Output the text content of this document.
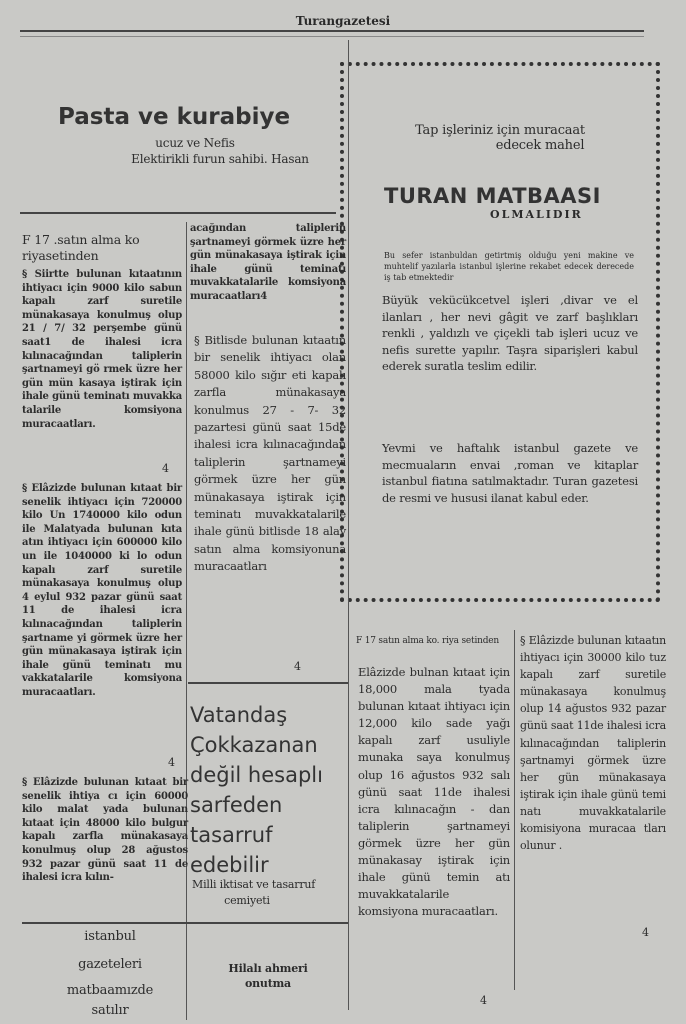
Turangazetesi
Pasta ve kurabiye
ucuz ve Nefis
Elektirikli furun sahibi. Hasan
Tap işleriniz için muracaat
edecek mahel
TURAN MATBAASI
OLMALIDIR
Bu sefer istanbuldan getirtmiş olduğu yeni makine ve muhtelif yazılarla istanbul işlerine rekabet edecek derecede iş tab etmektedir
Büyük vekücükcetvel işleri ,divar ve el ilanları , her nevi gâgit ve zarf başlıkları renkli , yaldızlı ve çiçekli tab işleri ucuz ve nefis surette yapılır. Taşra siparişleri kabul ederek suratla teslim edilir.
Yevmi ve haftalık istanbul gazete ve mecmuaların envai ,roman ve kitaplar istanbul fiatına satılmaktadır. Turan gazetesi de resmi ve hususi ilanat kabul eder.
F 17 .satın alma ko riyasetinden
§ Siirtte bulunan kıtaatının ihtiyacı için 9000 kilo sabun kapalı zarf suretile münakasaya konulmuş olup 21 / 7/ 32 perşembe günü saat1 de ihalesi icra kılınacağından taliplerin şartnameyi gö rmek üzre her gün mün kasaya iştirak için ihale günü teminatı muvakka talarile komsiyona muracaatları.
4
§ Elâzizde bulunan kıtaat bir senelik ihtiyacı için 720000 kilo Un 1740000 kilo odun ile Malatyada bulunan kıta atın ihtiyacı için 600000 kilo un ile 1040000 ki lo odun kapalı zarf suretile münakasaya konulmuş olup 4 eylul 932 pazar günü saat 11 de ihalesi icra kılınacağından taliplerin şartname yi görmek üzre her gün münakasaya iştirak için ihale günü teminatı mu vakkatalarile komsiyona muracaatları.
4
§ Elâzizde bulunan kıtaat bir senelik ihtiya cı için 60000 kilo malat yada bulunan kıtaat için 48000 kilo bulgur kapalı zarfla münakasaya konulmuş olup 28 ağustos 932 pazar günü saat 11 de ihalesi icra kılın-
acağından taliplerin şartnameyi görmek üzre her gün münakasaya iştirak için ihale günü teminatı muvakkatalarile komsiyona muracaatları4
§ Bitlisde bulunan kıtaatın bir senelik ihtiyacı olan 58000 kilo sığır eti kapalı zarfla münakasaya konulmus 27 - 7- 32 pazartesi günü saat 15de ihalesi icra kılınacağından taliplerin şartnameyi görmek üzre her gün münakasaya iştirak için teminatı muvakkatalarile ihale günü bitlisde 18 alay satın alma komsiyonuna muracaatları
4
Vatandaş Çokkazanan değil hesaplı sarfeden tasarruf edebilir
Milli iktisat ve tasarruf
cemiyeti
F 17 satın alma ko. riya setinden
Elâzizde bulnan kıtaat için 18,000 mala tyada bulunan kıtaat ihtiyacı için 12,000 kilo sade yağı kapalı zarf usuliyle munaka saya konulmuş olup 16 ağustos 932 salı günü saat 11de ihalesi icra kılınacağın - dan taliplerin şartnameyi görmek üzre her gün münakasay iştirak için ihale günü temin atı muvakkatalarile komsiyona muracaatları.
4
§ Elâzizde bulunan kıtaatın ihtiyacı için 30000 kilo tuz kapalı zarf suretile münakasaya konulmuş olup 14 ağustos 932 pazar günü saat 11de ihalesi icra kılınacağından taliplerin şartnamyi görmek üzre her gün münakasaya iştirak için ihale günü temi natı muvakkatalarile komisiyona muracaa tları olunur .
4
istanbul
gazeteleri
matbaamızde
satılır
Hilalı ahmeri
onutma
